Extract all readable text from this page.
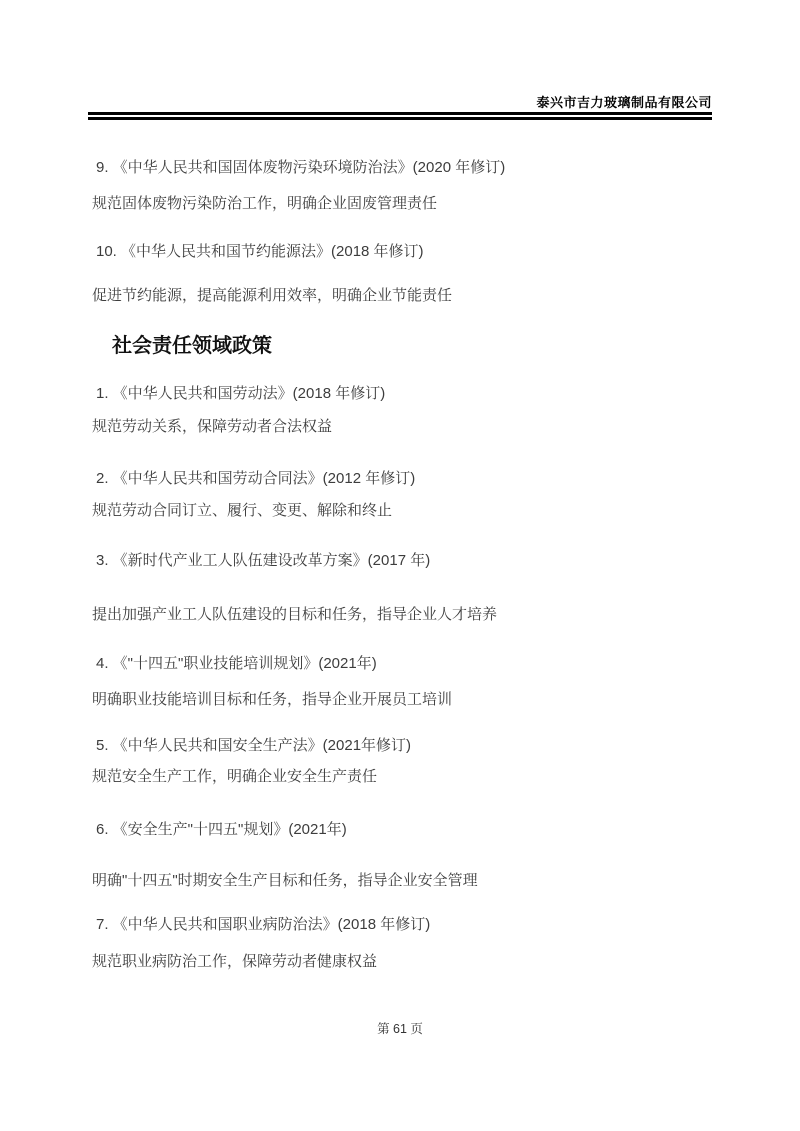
泰兴市吉力玻璃制品有限公司
9. 《中华人民共和国固体废物污染环境防治法》(2020 年修订)
规范固体废物污染防治工作，明确企业固废管理责任
10. 《中华人民共和国节约能源法》(2018 年修订)
促进节约能源，提高能源利用效率，明确企业节能责任
社会责任领域政策
1. 《中华人民共和国劳动法》(2018 年修订)
规范劳动关系，保障劳动者合法权益
2. 《中华人民共和国劳动合同法》(2012 年修订)
规范劳动合同订立、履行、变更、解除和终止
3. 《新时代产业工人队伍建设改革方案》(2017 年)
提出加强产业工人队伍建设的目标和任务，指导企业人才培养
4. 《"十四五"职业技能培训规划》(2021年)
明确职业技能培训目标和任务，指导企业开展员工培训
5. 《中华人民共和国安全生产法》(2021年修订)
规范安全生产工作，明确企业安全生产责任
6. 《安全生产"十四五"规划》(2021年)
明确"十四五"时期安全生产目标和任务，指导企业安全管理
7. 《中华人民共和国职业病防治法》(2018 年修订)
规范职业病防治工作，保障劳动者健康权益
第 61 页
